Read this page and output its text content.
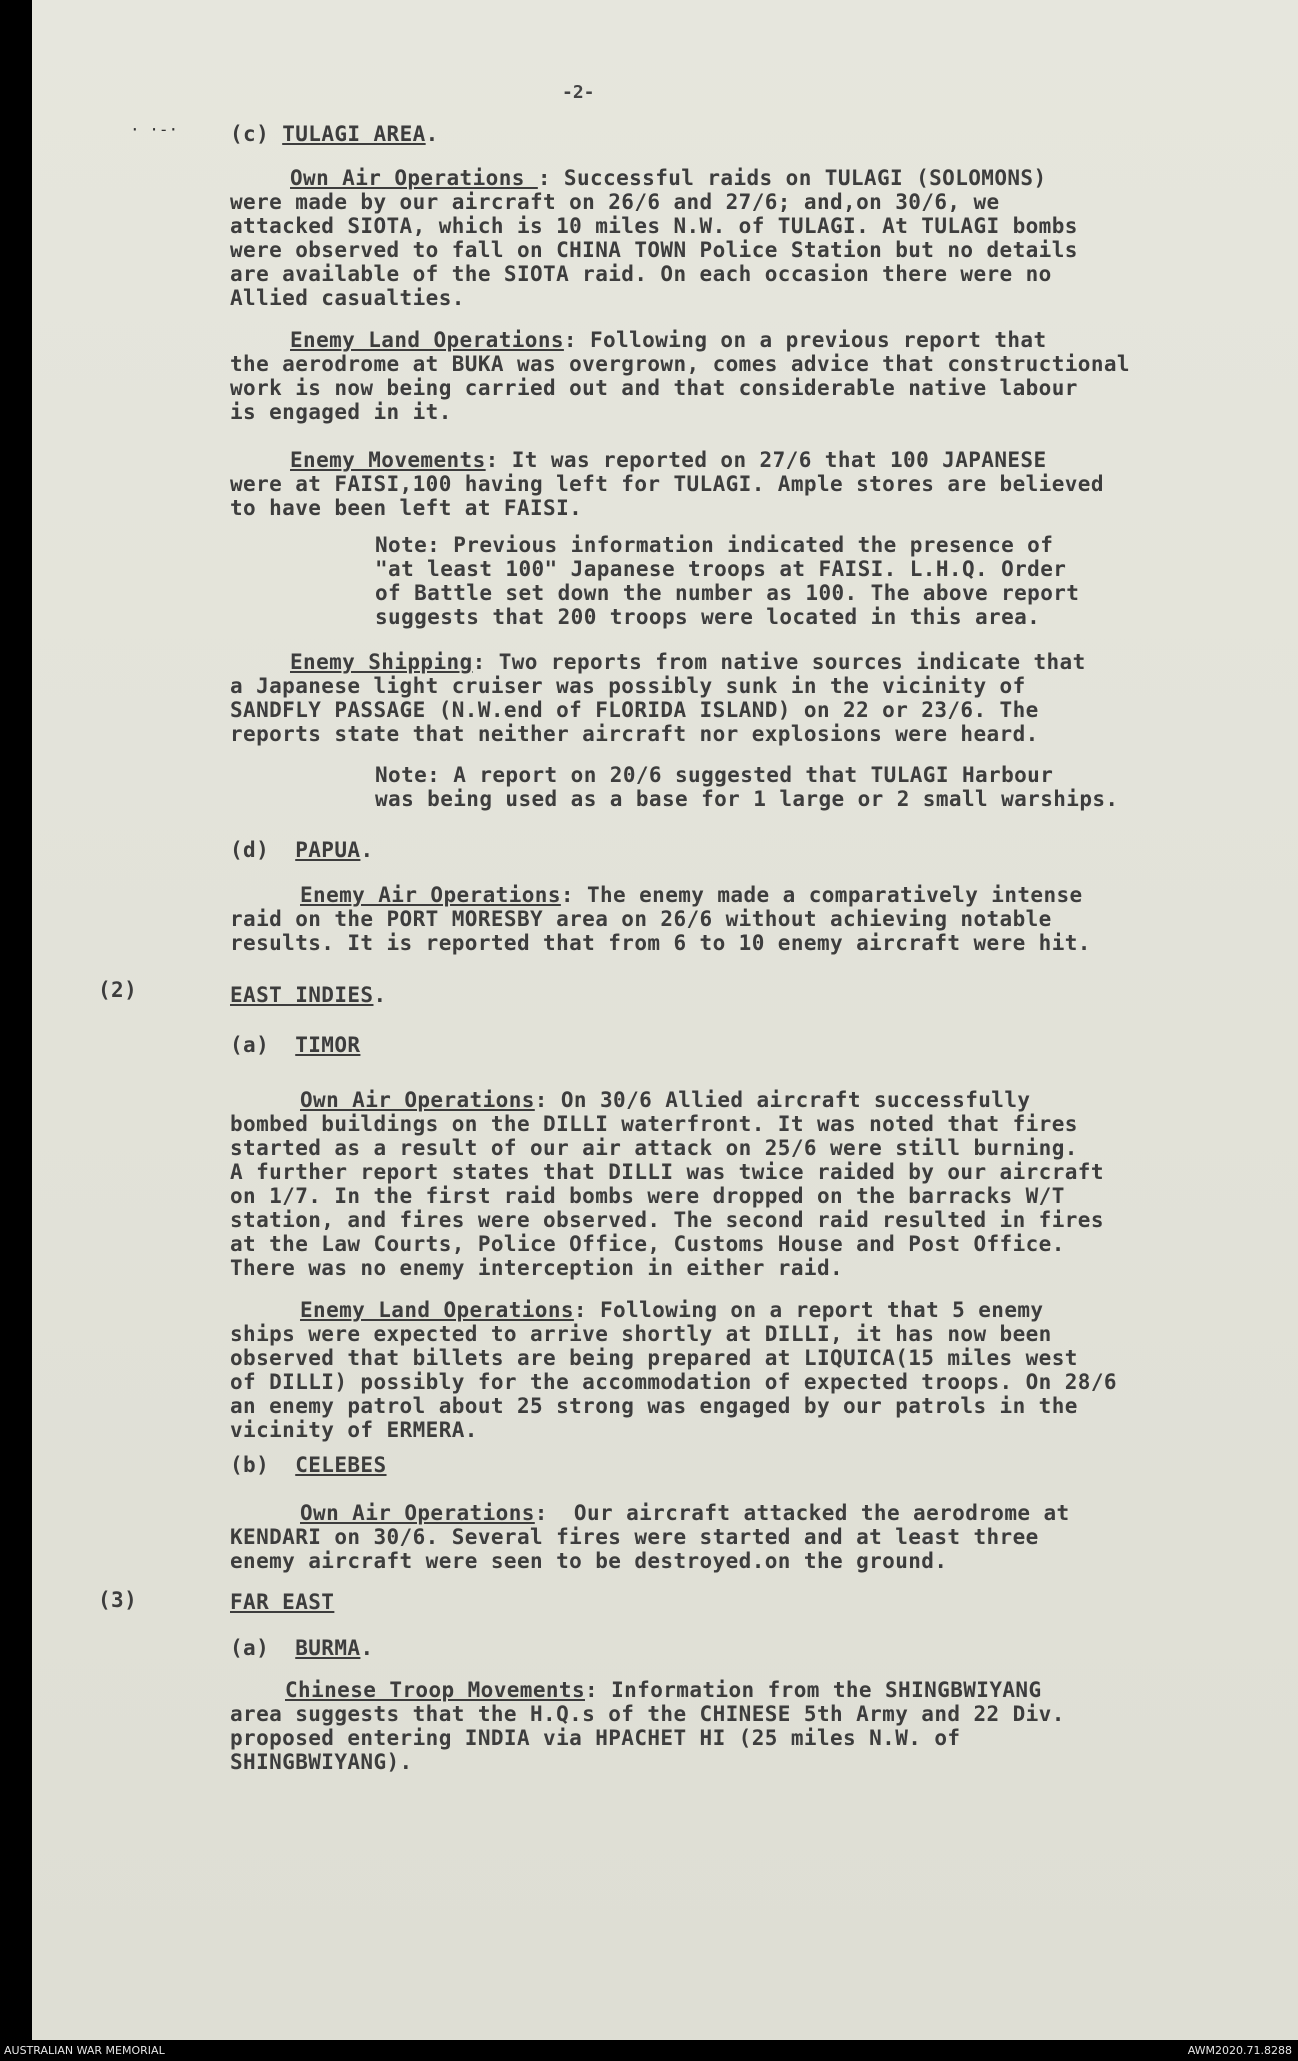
-2-
· ·-· (c) TULAGI AREA.
Own Air Operations : Successful raids on TULAGI (SOLOMONS)
were made by our aircraft on 26/6 and 27/6; and,on 30/6, we
attacked SIOTA, which is 10 miles N.W. of TULAGI. At TULAGI bombs
were observed to fall on CHINA TOWN Police Station but no details
are available of the SIOTA raid. On each occasion there were no
Allied casualties.
Enemy Land Operations: Following on a previous report that
the aerodrome at BUKA was overgrown, comes advice that constructional
work is now being carried out and that considerable native labour
is engaged in it.
Enemy Movements: It was reported on 27/6 that 100 JAPANESE
were at FAISI,100 having left for TULAGI. Ample stores are believed
to have been left at FAISI.
Note: Previous information indicated the presence of
"at least 100" Japanese troops at FAISI. L.H.Q. Order
of Battle set down the number as 100. The above report
suggests that 200 troops were located in this area.
Enemy Shipping: Two reports from native sources indicate that
a Japanese light cruiser was possibly sunk in the vicinity of
SANDFLY PASSAGE (N.W.end of FLORIDA ISLAND) on 22 or 23/6. The
reports state that neither aircraft nor explosions were heard.
Note: A report on 20/6 suggested that TULAGI Harbour
was being used as a base for 1 large or 2 small warships.
(d)  PAPUA.
Enemy Air Operations: The enemy made a comparatively intense
raid on the PORT MORESBY area on 26/6 without achieving notable
results. It is reported that from 6 to 10 enemy aircraft were hit.
(2)	EAST INDIES.
(a)  TIMOR
Own Air Operations: On 30/6 Allied aircraft successfully
bombed buildings on the DILLI waterfront. It was noted that fires
started as a result of our air attack on 25/6 were still burning.
A further report states that DILLI was twice raided by our aircraft
on 1/7. In the first raid bombs were dropped on the barracks W/T
station, and fires were observed. The second raid resulted in fires
at the Law Courts, Police Office, Customs House and Post Office.
There was no enemy interception in either raid.
Enemy Land Operations: Following on a report that 5 enemy
ships were expected to arrive shortly at DILLI, it has now been
observed that billets are being prepared at LIQUICA(15 miles west
of DILLI) possibly for the accommodation of expected troops. On 28/6
an enemy patrol about 25 strong was engaged by our patrols in the
vicinity of ERMERA.
(b)  CELEBES
Own Air Operations:  Our aircraft attacked the aerodrome at
KENDARI on 30/6. Several fires were started and at least three
enemy aircraft were seen to be destroyed.on the ground.
(3)	FAR EAST
(a)  BURMA.
Chinese Troop Movements: Information from the SHINGBWIYANG
area suggests that the H.Q.s of the CHINESE 5th Army and 22 Div.
proposed entering INDIA via HPACHET HI (25 miles N.W. of
SHINGBWIYANG).
AUSTRALIAN WAR MEMORIAL	AWM2020.71.8288
